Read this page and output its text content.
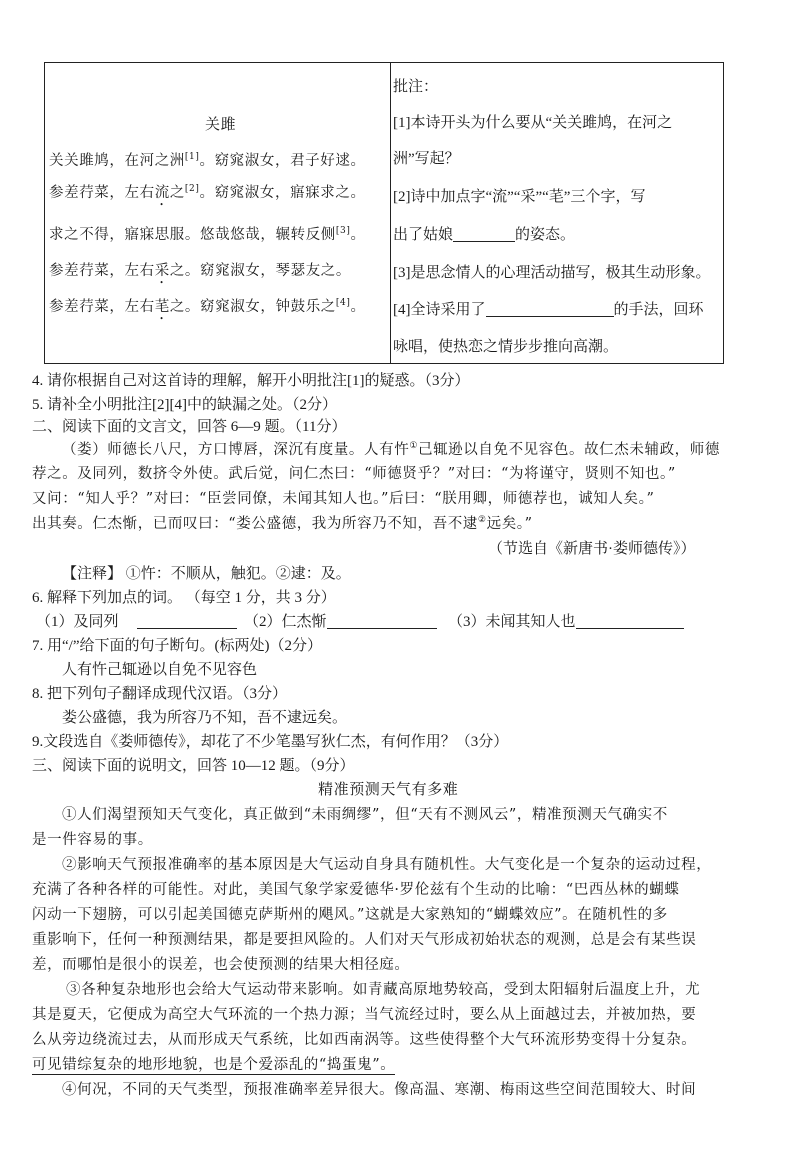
关雎
关关雎鸠，在河之洲[1]。窈窕淑女，君子好逑。
参差荇菜，左右流之[2]。窈窕淑女，寤寐求之。
求之不得，寤寐思服。悠哉悠哉，辗转反侧[3]。
参差荇菜，左右采之。窈窕淑女，琴瑟友之。
参差荇菜，左右芼之。窈窕淑女，钟鼓乐之[4]。
批注：
[1]本诗开头为什么要从“关关雎鸠，在河之
洲”写起？
[2]诗中加点字“流”“采”“芼”三个字，写
出了姑娘	的姿态。
[3]是思念情人的心理活动描写，极其生动形象。
[4]全诗采用了	的手法，回环
咏唱，使热恋之情步步推向高潮。
4. 请你根据自己对这首诗的理解，解开小明批注[1]的疑惑。（3分）
5. 请补全小明批注[2][4]中的缺漏之处。（2分）
二、阅读下面的文言文，回答 6—9 题。（11分）
（娄）师德长八尺，方口博唇，深沉有度量。人有忤①己辄逊以自免不见容色。故仁杰未辅政，师德
荐之。及同列，数挤令外使。武后觉，问仁杰曰：“师德贤乎？”对曰：“为将谨守，贤则不知也。”
又问：“知人乎？”对曰：“臣尝同僚，未闻其知人也。”后曰：“朕用卿，师德荐也，诚知人矣。”
出其奏。仁杰惭，已而叹曰：“娄公盛德，我为所容乃不知，吾不逮②远矣。”
（节选自《新唐书·娄师德传》）
【注释】 ①忤：不顺从，触犯。②逮：及。
6. 解释下列加点的词。 （每空 1 分，共 3 分）
（1）及同列	（2）仁杰惭	（3）未闻其知人也
7. 用“/”给下面的句子断句。(标两处)（2分）
人有忤己辄逊以自免不见容色
8. 把下列句子翻译成现代汉语。（3分）
娄公盛德，我为所容乃不知，吾不逮远矣。
9.文段选自《娄师德传》，却花了不少笔墨写狄仁杰，有何作用？（3分）
三、阅读下面的说明文，回答 10—12 题。（9分）
精准预测天气有多难
①人们渴望预知天气变化，真正做到“未雨绸缪”，但“天有不测风云”，精准预测天气确实不
是一件容易的事。
②影响天气预报准确率的基本原因是大气运动自身具有随机性。大气变化是一个复杂的运动过程，
充满了各种各样的可能性。对此，美国气象学家爱德华·罗伦兹有个生动的比喻：“巴西丛林的蝴蝶
闪动一下翅膀，可以引起美国德克萨斯州的飓风。”这就是大家熟知的“蝴蝶效应”。在随机性的多
重影响下，任何一种预测结果，都是要担风险的。人们对天气形成初始状态的观测，总是会有某些误
差，而哪怕是很小的误差，也会使预测的结果大相径庭。
③各种复杂地形也会给大气运动带来影响。如青藏高原地势较高，受到太阳辐射后温度上升，尤
其是夏天，它便成为高空大气环流的一个热力源；当气流经过时，要么从上面越过去，并被加热，要
么从旁边绕流过去，从而形成天气系统，比如西南涡等。这些使得整个大气环流形势变得十分复杂。
可见错综复杂的地形地貌，也是个爱添乱的“捣蛋鬼”。
④何况，不同的天气类型，预报准确率差异很大。像高温、寒潮、梅雨这些空间范围较大、时间
